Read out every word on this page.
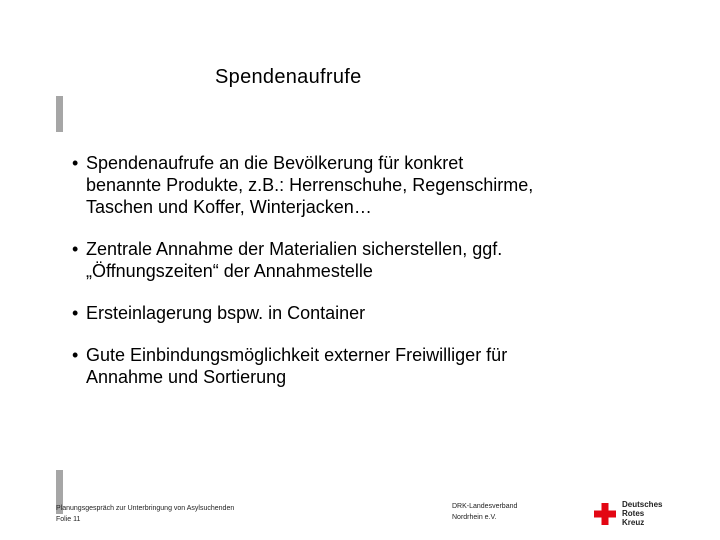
Spendenaufrufe
• Spendenaufrufe an die Bevölkerung für konkret
benannte Produkte, z.B.: Herrenschuhe, Regenschirme,
Taschen und Koffer, Winterjacken…
• Zentrale Annahme der Materialien sicherstellen, ggf.
„Öffnungszeiten“ der Annahmestelle
• Ersteinlagerung bspw. in Container
• Gute Einbindungsmöglichkeit externer Freiwilliger für
Annahme und Sortierung
Planungsgespräch zur Unterbringung von Asylsuchenden
Folie 11
DRK-Landesverband
Nordrhein e.V.
Deutsches
Rotes
Kreuz
